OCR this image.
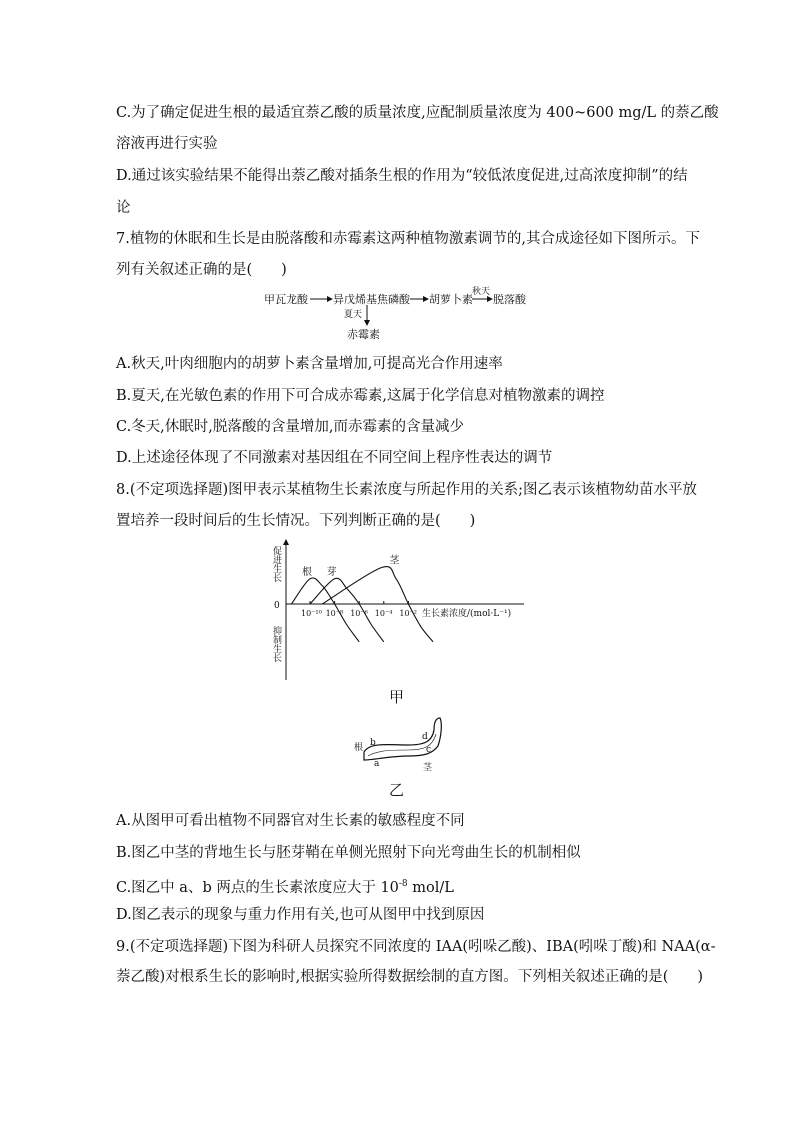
C.为了确定促进生根的最适宜萘乙酸的质量浓度,应配制质量浓度为 400~600 mg/L 的萘乙酸
溶液再进行实验
D.通过该实验结果不能得出萘乙酸对插条生根的作用为“较低浓度促进,过高浓度抑制”的结
论
7.植物的休眠和生长是由脱落酸和赤霉素这两种植物激素调节的,其合成途径如下图所示。下
列有关叙述正确的是(　　)
甲瓦龙酸 异戊烯基焦磷酸 胡萝卜素
秋天
脱落酸
夏天
赤霉素
A.秋天,叶肉细胞内的胡萝卜素含量增加,可提高光合作用速率
B.夏天,在光敏色素的作用下可合成赤霉素,这属于化学信息对植物激素的调控
C.冬天,休眠时,脱落酸的含量增加,而赤霉素的含量减少
D.上述途径体现了不同激素对基因组在不同空间上程序性表达的调节
8.(不定项选择题)图甲表示某植物生长素浓度与所起作用的关系;图乙表示该植物幼苗水平放
置培养一段时间后的生长情况。下列判断正确的是(　　)
促进生长
抑制生长
0
生长素浓度/(mol·L⁻¹)
10⁻¹⁰ 10⁻⁸ 10⁻⁶ 10⁻⁴ 10⁻²
根 芽
茎
甲
根
a
b
c
d
茎
乙
A.从图甲可看出植物不同器官对生长素的敏感程度不同
B.图乙中茎的背地生长与胚芽鞘在单侧光照射下向光弯曲生长的机制相似
C.图乙中 a、b 两点的生长素浓度应大于 $10^{-8}$ mol/L
D.图乙表示的现象与重力作用有关,也可从图甲中找到原因
9.(不定项选择题)下图为科研人员探究不同浓度的 IAA(吲哚乙酸)、IBA(吲哚丁酸)和 NAA(α-
萘乙酸)对根系生长的影响时,根据实验所得数据绘制的直方图。下列相关叙述正确的是(　　)
